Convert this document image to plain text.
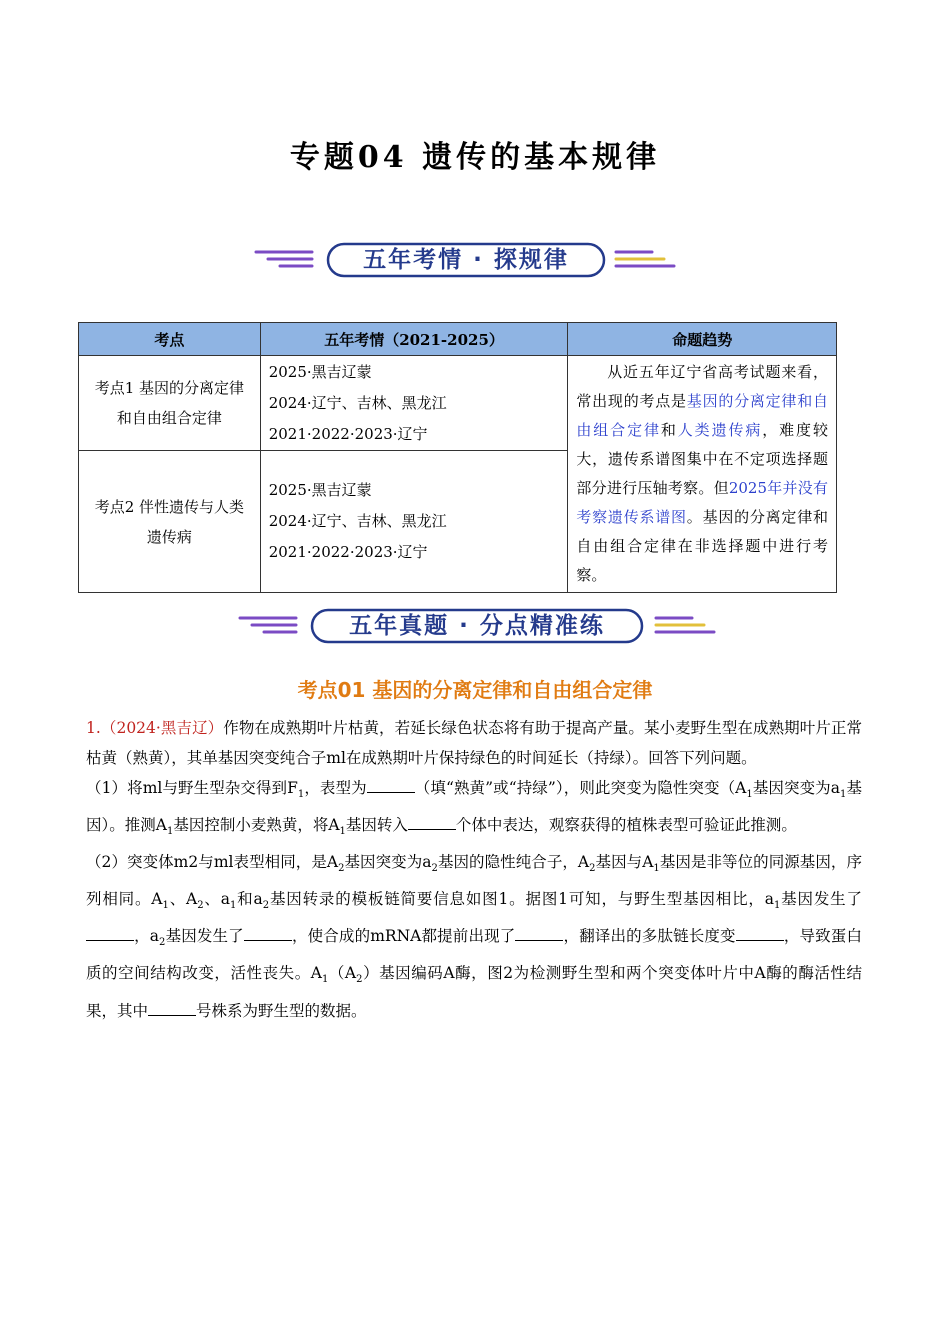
专题04 遗传的基本规律
五年考情 · 探规律
考点	五年考情（2021-2025）	命题趋势
考点1 基因的分离定律和自由组合定律	2025·黑吉辽蒙
2024·辽宁、吉林、黑龙江
2021·2022·2023·辽宁	从近五年辽宁省高考试题来看，常出现的考点是基因的分离定律和自由组合定律和人类遗传病，难度较大，遗传系谱图集中在不定项选择题部分进行压轴考察。但2025年并没有考察遗传系谱图。基因的分离定律和自由组合定律在非选择题中进行考察。
考点2 伴性遗传与人类遗传病	2025·黑吉辽蒙
2024·辽宁、吉林、黑龙江
2021·2022·2023·辽宁	
五年真题 · 分点精准练
考点01 基因的分离定律和自由组合定律

1.（2024·黑吉辽）作物在成熟期叶片枯黄，若延长绿色状态将有助于提高产量。某小麦野生型在成熟期叶片正常枯黄（熟黄），其单基因突变纯合子ml在成熟期叶片保持绿色的时间延长（持绿）。回答下列问题。

（1）将ml与野生型杂交得到$F_1$，表型为	（填“熟黄”或“持绿”），则此突变为隐性突变（$A_1$基因突变为$a_1$基因）。推测$A_1$基因控制小麦熟黄，将$A_1$基因转入	个体中表达，观察获得的植株表型可验证此推测。

（2）突变体m2与ml表型相同，是$A_2$基因突变为$a_2$基因的隐性纯合子，$A_2$基因与$A_1$基因是非等位的同源基因，序列相同。$A_1$、$A_2$、$a_1$和$a_2$基因转录的模板链简要信息如图1。据图1可知，与野生型基因相比，$a_1$基因发生了，$a_2$基因发生了	，使合成的mRNA都提前出现了	，翻译出的多肽链长度变	，导致蛋白质的空间结构改变，活性丧失。$A_1(A_2)$基因编码A酶，图2为检测野生型和两个突变体叶片中A酶的酶活性结果，其中	号株系为野生型的数据。
